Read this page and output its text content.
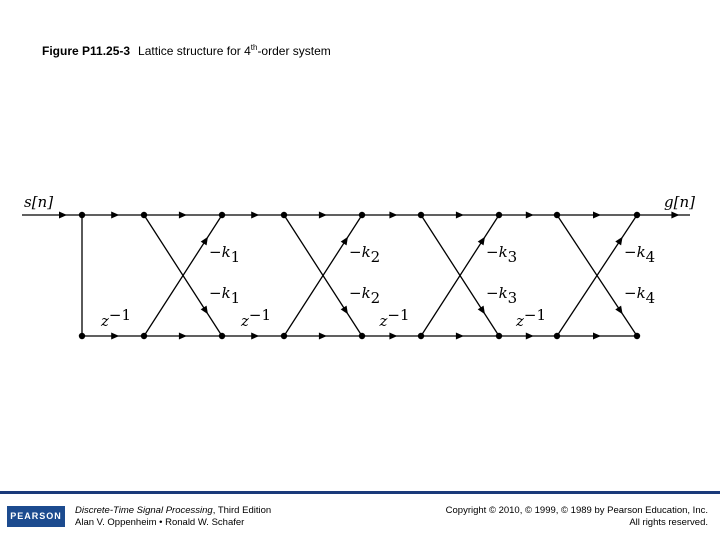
Figure P11.25-3 Lattice structure for 4th-order system
s[n]	g[n]
−k1
−k1
z−1
−k2
−k2
z−1
−k3
−k3
z−1
−k4
−k4
z−1
PEARSON	Discrete-Time Signal Processing, Third Edition
Alan V. Oppenheim • Ronald W. Schafer
Copyright © 2010, © 1999, © 1989 by Pearson Education, Inc.
All rights reserved.
